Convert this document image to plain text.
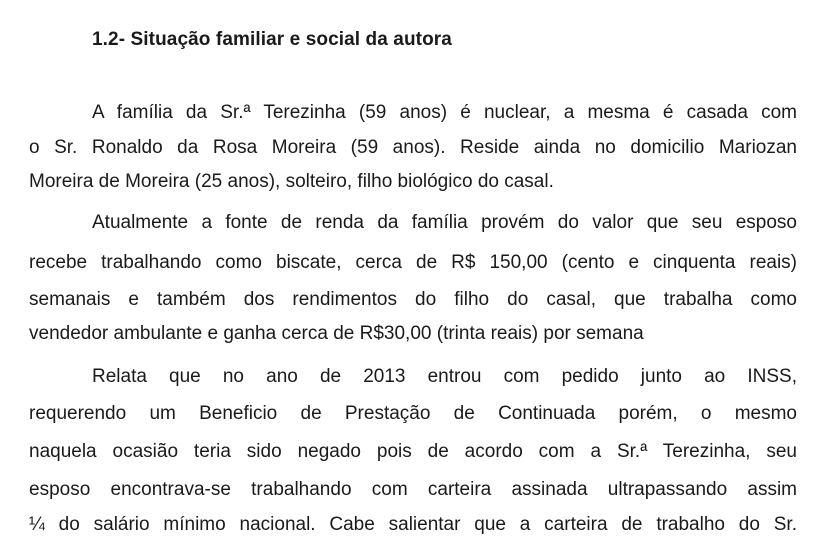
1.2- Situação familiar e social da autora
A família da Sr.ª Terezinha (59 anos) é nuclear, a mesma é casada com
o Sr. Ronaldo da Rosa Moreira (59 anos). Reside ainda no domicilio Mariozan
Moreira de Moreira (25 anos), solteiro, filho biológico do casal.
Atualmente a fonte de renda da família provém do valor que seu esposo
recebe trabalhando como biscate, cerca de R$ 150,00 (cento e cinquenta reais)
semanais e também dos rendimentos do filho do casal, que trabalha como
vendedor ambulante e ganha cerca de R$30,00 (trinta reais) por semana
Relata que no ano de 2013 entrou com pedido junto ao INSS,
requerendo um Beneficio de Prestação de Continuada porém, o mesmo
naquela ocasião teria sido negado pois de acordo com a Sr.ª Terezinha, seu
esposo encontrava-se trabalhando com carteira assinada ultrapassando assim
¼ do salário mínimo nacional. Cabe salientar que a carteira de trabalho do Sr.
